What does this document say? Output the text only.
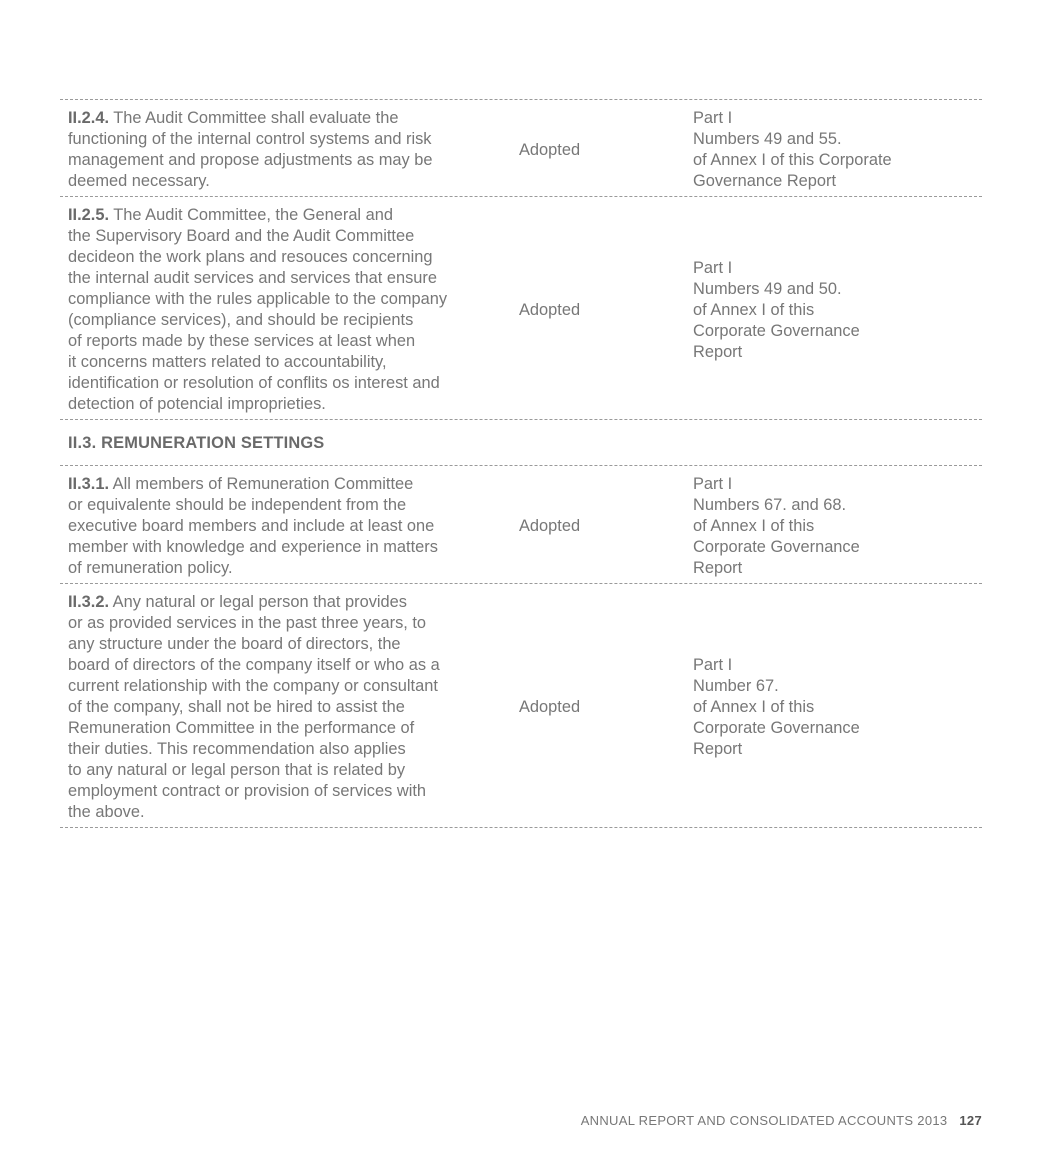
II.2.4. The Audit Committee shall evaluate the
functioning of the internal control systems and risk
management and propose adjustments as may be
deemed necessary.
Adopted
Part I
Numbers 49 and 55.
of Annex I of this Corporate
Governance Report
II.2.5. The Audit Committee, the General and
the Supervisory Board and the Audit Committee
decideon the work plans and resouces concerning
the internal audit services and services that ensure
compliance with the rules applicable to the company
(compliance services), and should be recipients
of reports made by these services at least when
it concerns matters related to accountability,
identification or resolution of conflits os interest and
detection of potencial improprieties.
Adopted
Part I
Numbers 49 and 50.
of Annex I of this
Corporate Governance
Report
II.3. REMUNERATION SETTINGS
II.3.1. All members of Remuneration Committee
or equivalente should be independent from the
executive board members and include at least one
member with knowledge and experience in matters
of remuneration policy.
Adopted
Part I
Numbers 67. and 68.
of Annex I of this
Corporate Governance
Report
II.3.2. Any natural or legal person that provides
or as provided services in the past three years, to
any structure under the board of directors, the
board of directors of the company itself or who as a
current relationship with the company or consultant
of the company, shall not be hired to assist the
Remuneration Committee in the performance of
their duties. This recommendation also applies
to any natural or legal person that is related by
employment contract or provision of services with
the above.
Adopted
Part I
Number 67.
of Annex I of this
Corporate Governance
Report
ANNUAL REPORT AND CONSOLIDATED ACCOUNTS 2013 127
